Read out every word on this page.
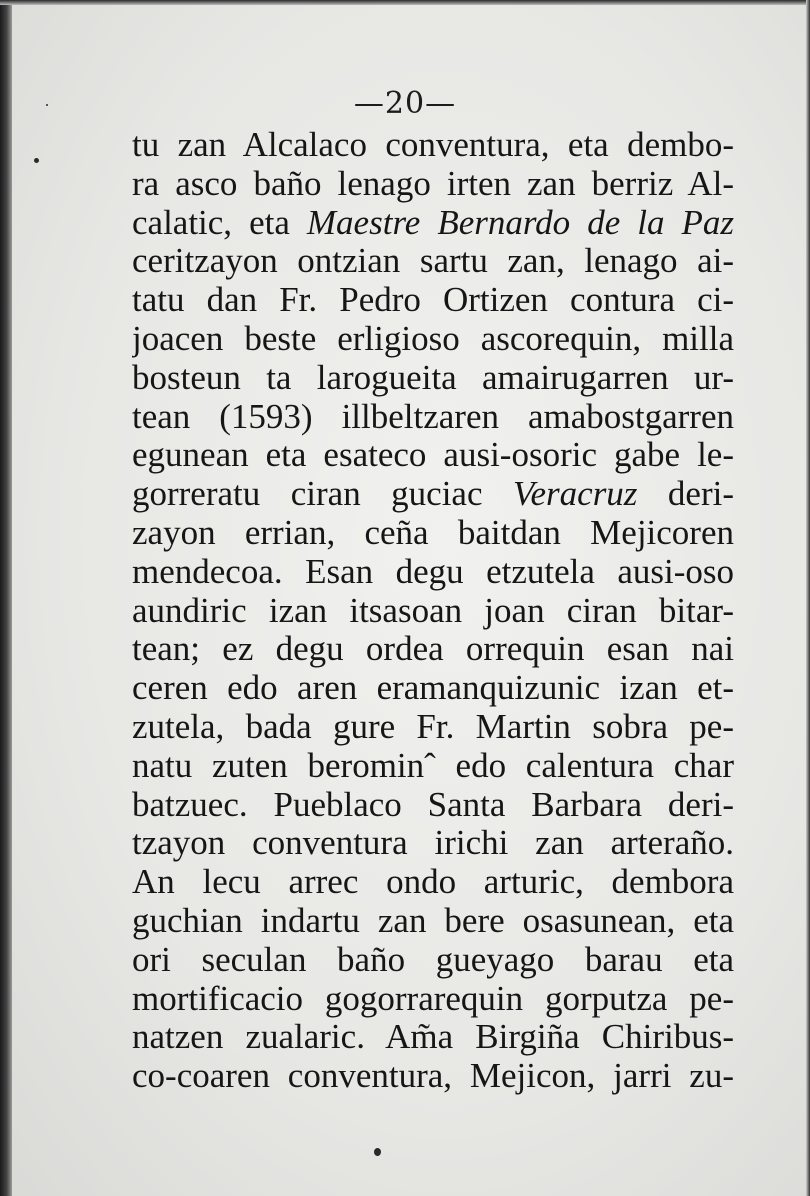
—20—
tu zan Alcalaco conventura, eta dembo-
ra asco baño lenago irten zan berriz Al-
calatic, eta Maestre Bernardo de la Paz
ceritzayon ontzian sartu zan, lenago ai-
tatu dan Fr. Pedro Ortizen contura ci-
joacen beste erligioso ascorequin, milla
bosteun ta larogueita amairugarren ur-
tean (1593) illbeltzaren amabostgarren
egunean eta esateco ausi-osoric gabe le-
gorreratu ciran guciac Veracruz deri-
zayon errian, ceña baitdan Mejicoren
mendecoa. Esan degu etzutela ausi-oso
aundiric izan itsasoan joan ciran bitar-
tean; ez degu ordea orrequin esan nai
ceren edo aren eramanquizunic izan et-
zutela, bada gure Fr. Martin sobra pe-
natu zuten berominˆ edo calentura char
batzuec. Pueblaco Santa Barbara deri-
tzayon conventura irichi zan arteraño.
An lecu arrec ondo arturic, dembora
guchian indartu zan bere osasunean, eta
ori seculan baño gueyago barau eta
mortificacio gogorrarequin gorputza pe-
natzen zualaric. Am̃a Birgiña Chiribus-
co-coaren conventura, Mejicon, jarri zu-
